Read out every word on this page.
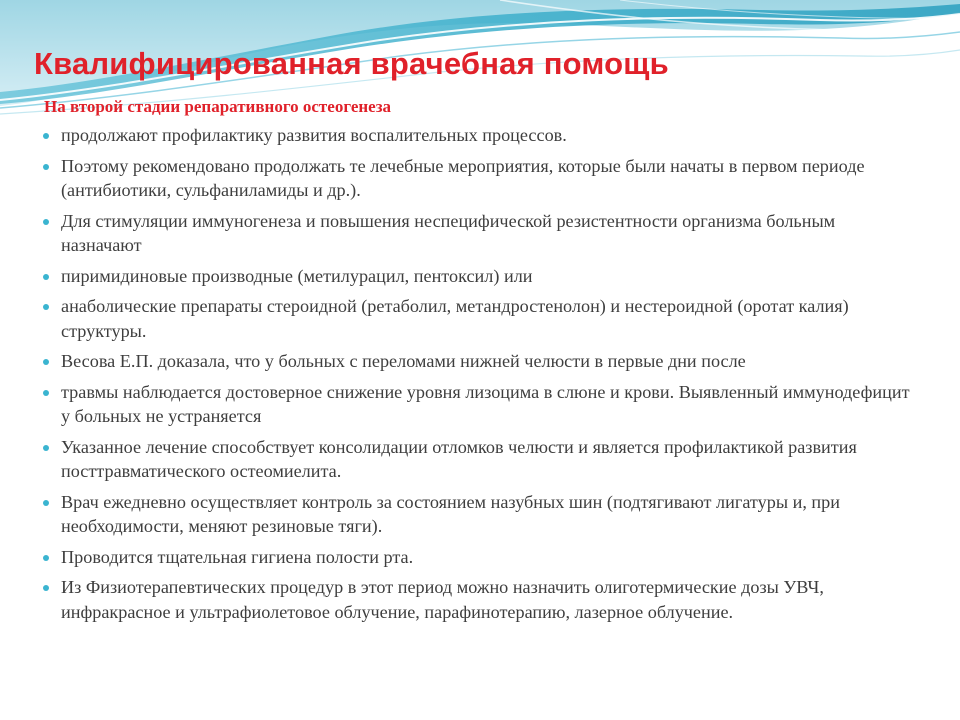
Квалифицированная врачебная помощь
На второй стадии репаративного остеогенеза
продолжают профилактику развития воспалительных процессов.
Поэтому рекомендовано продолжать те лечебные мероприятия, которые были начаты в первом периоде (антибиотики, сульфаниламиды и др.).
Для стимуляции иммуногенеза и повышения неспецифической резистентности организма больным назначают
пиримидиновые производные (метилурацил, пентоксил) или
анаболические препараты стероидной (ретаболил, метандростенолон) и нестероидной (оротат калия) структуры.
Весова Е.П. доказала, что у больных с переломами нижней челюсти в первые дни после
травмы наблюдается достоверное снижение уровня лизоцима в слюне и крови. Выявленный иммунодефицит у больных не устраняется
Указанное лечение способствует консолидации отломков челюсти и является профилактикой развития посттравматического остеомиелита.
Врач ежедневно осуществляет контроль за состоянием назубных шин (подтягивают лигатуры и, при необходимости, меняют резиновые тяги).
Проводится тщательная гигиена полости рта.
Из Физиотерапевтических процедур в этот период можно назначить олиготермические дозы УВЧ, инфракрасное и ультрафиолетовое облучение, парафинотерапию, лазерное облучение.
